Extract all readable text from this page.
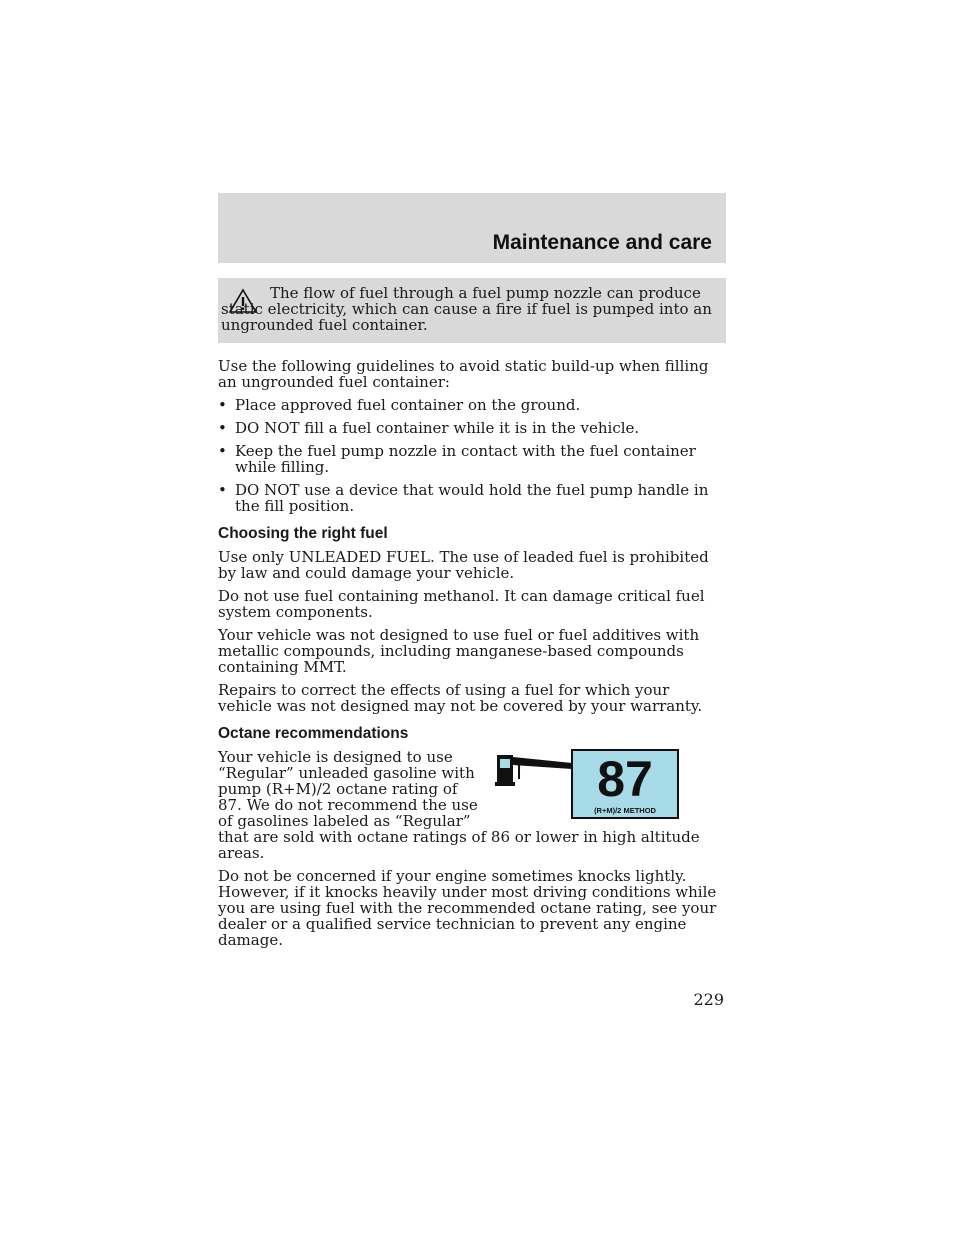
Maintenance and care
The flow of fuel through a fuel pump nozzle can produce static electricity, which can cause a fire if fuel is pumped into an ungrounded fuel container.

Use the following guidelines to avoid static build-up when filling an ungrounded fuel container:

• Place approved fuel container on the ground.
• DO NOT fill a fuel container while it is in the vehicle.
• Keep the fuel pump nozzle in contact with the fuel container while filling.
• DO NOT use a device that would hold the fuel pump handle in the fill position.
Choosing the right fuel

Use only UNLEADED FUEL. The use of leaded fuel is prohibited by law and could damage your vehicle.

Do not use fuel containing methanol. It can damage critical fuel system components.

Your vehicle was not designed to use fuel or fuel additives with metallic compounds, including manganese-based compounds containing MMT.

Repairs to correct the effects of using a fuel for which your vehicle was not designed may not be covered by your warranty.

Octane recommendations
87
(R+M)/2 METHOD

Your vehicle is designed to use “Regular” unleaded gasoline with pump (R+M)/2 octane rating of 87. We do not recommend the use of gasolines labeled as “Regular” that are sold with octane ratings of 86 or lower in high altitude areas.

Do not be concerned if your engine sometimes knocks lightly. However, if it knocks heavily under most driving conditions while you are using fuel with the recommended octane rating, see your dealer or a qualified service technician to prevent any engine damage.

229
